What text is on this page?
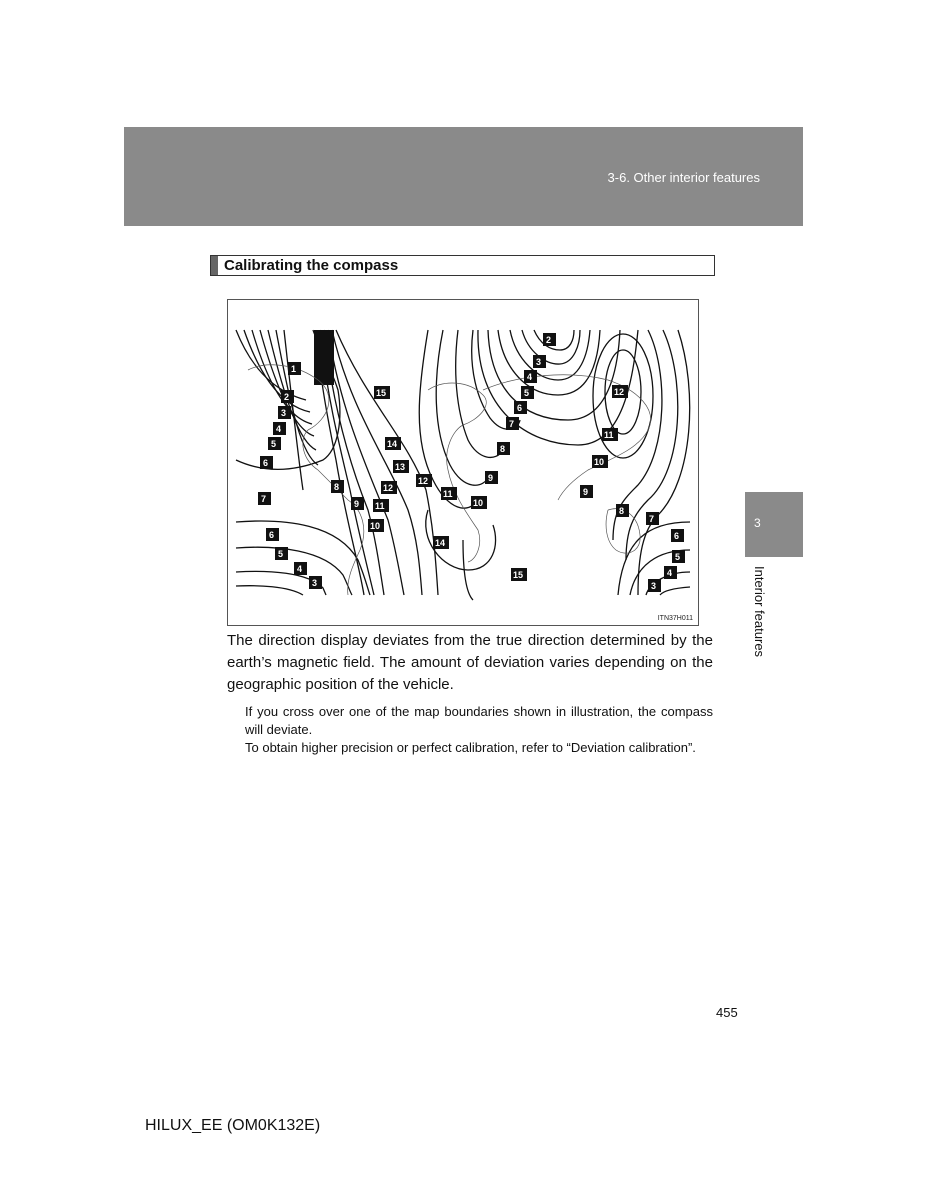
3-6. Other interior features
3
Interior features
Calibrating the compass
1
2
3
4
5
6
7
15
14
13
8	12
9 11
10
6
5
4
3
12
11
10
9
8
14
15
2
3
4
5
6
7
12
11
10
9
8
7
6
5
4
3
ITN37H011
The direction display deviates from the true direction determined by the earth’s magnetic field. The amount of deviation varies depending on the geographic position of the vehicle.
If you cross over one of the map boundaries shown in illustration, the compass will deviate.
To obtain higher precision or perfect calibration, refer to “Deviation calibration”.
455
HILUX_EE (OM0K132E)
